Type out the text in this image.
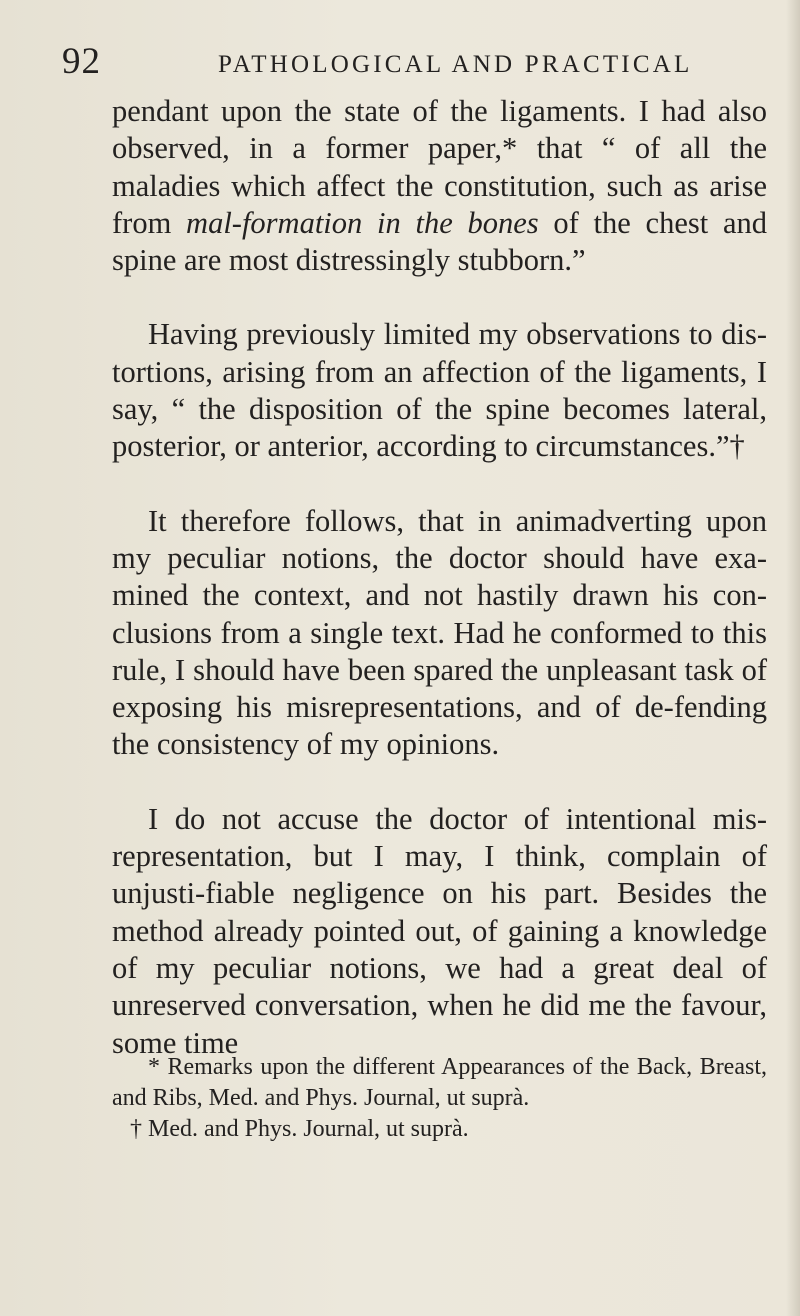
92	PATHOLOGICAL AND PRACTICAL

pendant upon the state of the ligaments. I had also observed, in a former paper,* that “ of all the maladies which affect the constitution, such as arise from mal-formation in the bones of the chest and spine are most distressingly stubborn.”

Having previously limited my observations to dis-tortions, arising from an affection of the ligaments, I say, “ the disposition of the spine becomes lateral, posterior, or anterior, according to circumstances.”†

It therefore follows, that in animadverting upon my peculiar notions, the doctor should have exa-mined the context, and not hastily drawn his con-clusions from a single text. Had he conformed to this rule, I should have been spared the unpleasant task of exposing his misrepresentations, and of de-fending the consistency of my opinions.

I do not accuse the doctor of intentional mis-representation, but I may, I think, complain of unjusti-fiable negligence on his part. Besides the method already pointed out, of gaining a knowledge of my peculiar notions, we had a great deal of unreserved conversation, when he did me the favour, some time

* Remarks upon the different Appearances of the Back, Breast, and Ribs, Med. and Phys. Journal, ut suprà.

† Med. and Phys. Journal, ut suprà.
